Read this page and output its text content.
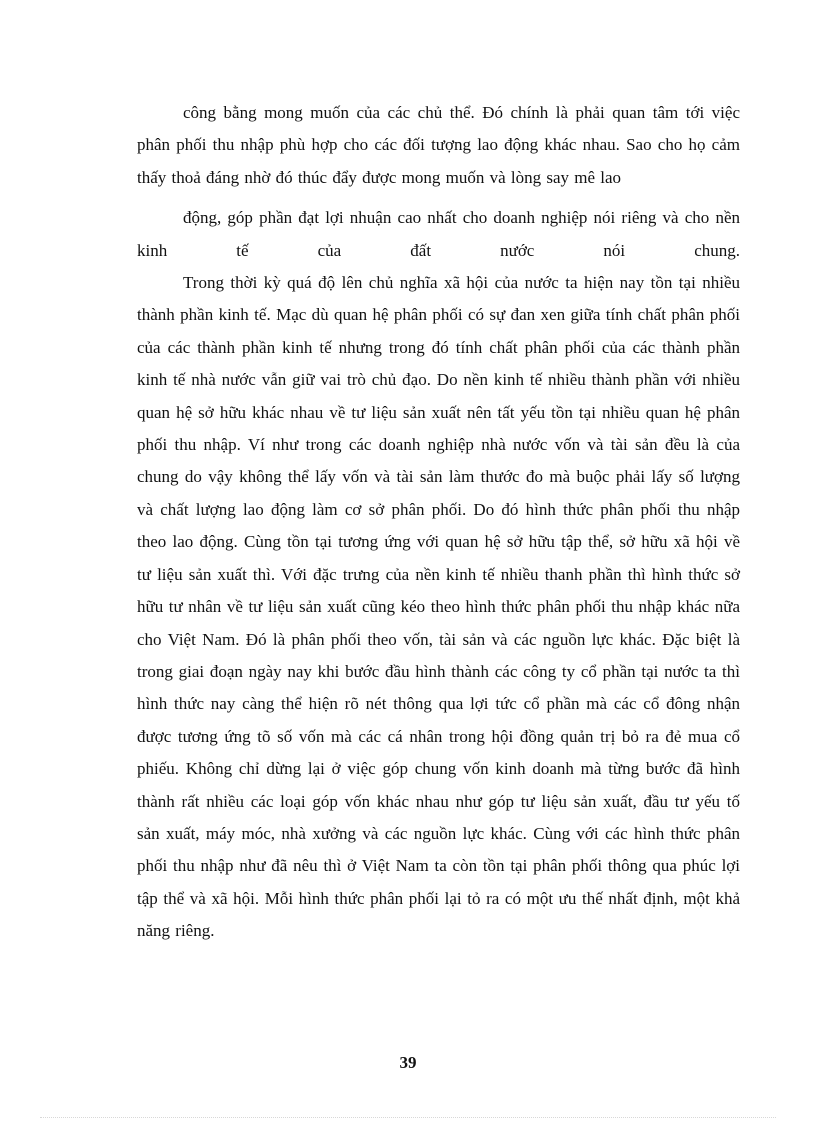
công bằng mong muốn của các chủ thể. Đó chính là phải quan tâm tới việc phân phối thu nhập phù hợp cho các đối tượng lao động khác nhau. Sao cho họ cảm thấy thoả đáng nhờ đó thúc đẩy được mong muốn và lòng say mê lao

động, góp phần đạt lợi nhuận cao nhất cho doanh nghiệp nói riêng và cho nền kinh tế của đất nước nói chung.

Trong thời kỳ quá độ lên chủ nghĩa xã hội của nước ta hiện nay tồn tại nhiều thành phần kinh tế. Mạc dù quan hệ phân phối có sự đan xen giữa tính chất phân phối của các thành phần kinh tế nhưng trong đó tính chất phân phối của các thành phần kinh tế nhà nước vẫn giữ vai trò chủ đạo. Do nền kinh tế nhiều thành phần với nhiều quan hệ sở hữu khác nhau về tư liệu sản xuất nên tất yếu tồn tại nhiều quan hệ phân phối thu nhập. Ví như trong các doanh nghiệp nhà nước vốn và tài sản đều là của chung do vậy không thể lấy vốn và tài sản làm thước đo mà buộc phải lấy số lượng và chất lượng lao động làm cơ sở phân phối. Do đó hình thức phân phối thu nhập theo lao động. Cùng tồn tại tương ứng với quan hệ sở hữu tập thể, sở hữu xã hội về tư liệu sản xuất thì. Với đặc trưng của nền kinh tế nhiều thanh phần thì hình thức sở hữu tư nhân về tư liệu sản xuất cũng kéo theo hình thức phân phối thu nhập khác nữa cho Việt Nam. Đó là phân phối theo vốn, tài sản và các nguồn lực khác. Đặc biệt là trong giai đoạn ngày nay khi bước đầu hình thành các công ty cổ phần tại nước ta thì hình thức nay càng thể hiện rõ nét thông qua lợi tức cổ phần mà các cổ đông nhận được tương ứng tõ số vốn mà các cá nhân trong hội đồng quản trị bỏ ra đẻ mua cổ phiếu. Không chỉ dừng lại ở việc góp chung vốn kinh doanh mà từng bước đã hình thành rất nhiều các loại góp vốn khác nhau như góp tư liệu sản xuất, đầu tư yếu tố sản xuất, máy móc, nhà xưởng và các nguồn lực khác. Cùng với các hình thức phân phối thu nhập như đã nêu thì ở Việt Nam ta còn tồn tại phân phối thông qua phúc lợi tập thể và xã hội. Mỗi hình thức phân phối lại tỏ ra có một ưu thế nhất định, một khả năng riêng.

39
